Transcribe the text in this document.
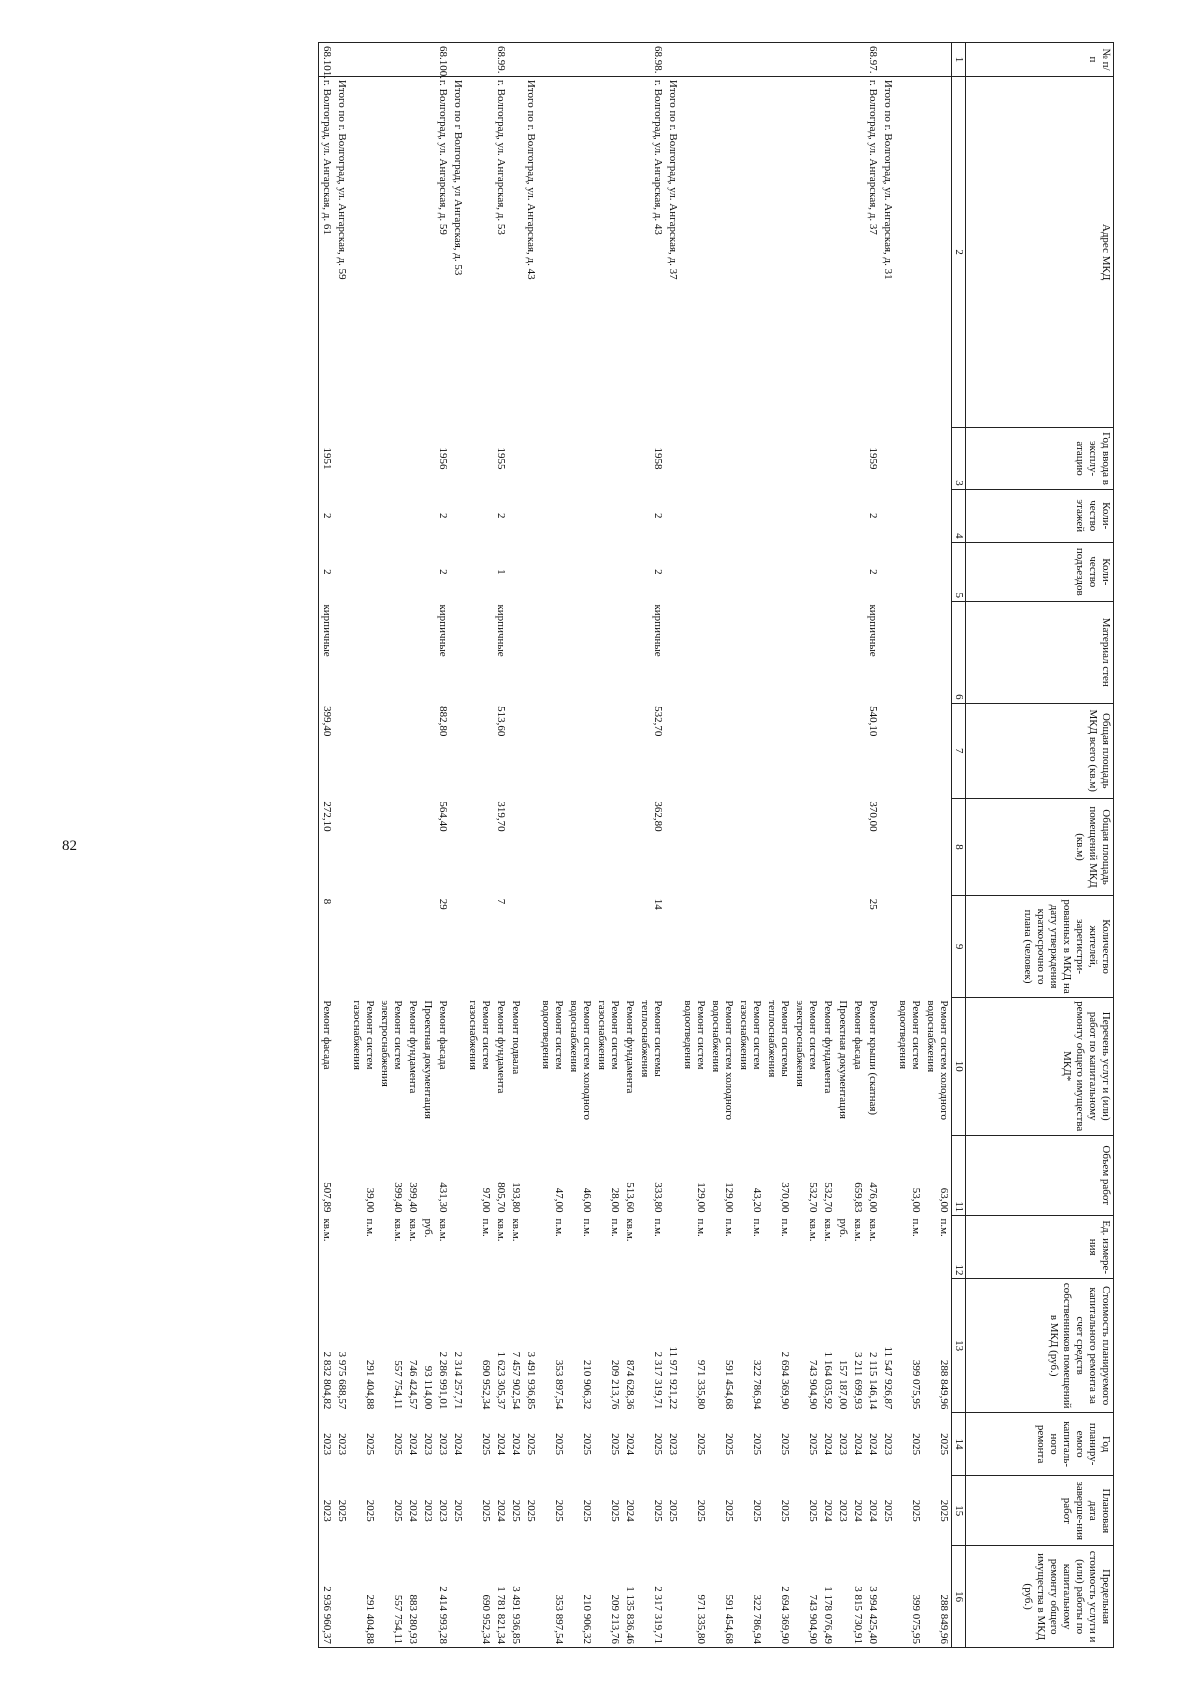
82
№ п/п	Адрес МКД	Год ввода в эксплу-атацию	Коли-чество этажей	Коли-чество подъездов	Материал стен	Общая площадь МКД всего (кв.м)	Общая площадь помещений МКД (кв.м)	Количество жителей, зарегистри-рованных в МКД на дату утверждения краткосрочно го плана (человек)	Перечень услуг и (или) работ по капитальному ремонту общего имущества МКД*	Объем работ	Ед. измере-ния	Стоимость планируемого капитального ремонта за счет средств собственников помещений в МКД (руб.)	Год планиру-емого капиталь-ного ремонта	Плановая дата заверше-ния работ	Предельная стоимость услуги и (или) работы по капитальному ремонту общего имущества в МКД (руб.)
1	2	3	4	5	6	7	8	9	10	11	12	13	14	15	16
									Ремонт систем холодного водоснабжения	63,00	п.м.	288 849,96	2025	2025	288 849,96
									Ремонт систем водоотведения	53,00	п.м.	399 075,95	2025	2025	399 075,95
	Итого по г. Волгоград, ул. Ангарская, д. 31											11 547 926,87	2023	2025	
68.97.	г. Волгоград, ул. Ангарская, д. 37	1959	2	2	кирпичные	540,10	370,00	25	Ремонт крыши (скатная)	476,00	кв.м.	2 115 146,14	2024	2024	3 994 425,40
									Ремонт фасада	659,83	кв.м.	3 211 699,93	2024	2024	3 815 730,91
									Проектная документация		руб.	157 187,00	2023	2023	
									Ремонт фундамента	532,70	кв.м.	1 164 035,92	2024	2024	1 178 076,49
									Ремонт систем электроснабжения	532,70	кв.м.	743 904,90	2025	2025	743 904,90
									Ремонт системы теплоснабжения	370,00	п.м.	2 694 369,90	2025	2025	2 694 369,90
									Ремонт систем газоснабжения	43,20	п.м.	322 786,94	2025	2025	322 786,94
									Ремонт систем холодного водоснабжения	129,00	п.м.	591 454,68	2025	2025	591 454,68
									Ремонт систем водоотведения	129,00	п.м.	971 335,80	2025	2025	971 335,80
	Итого по г. Волгоград, ул. Ангарская, д. 37											11 971 921,22	2023	2025	
68.98.	г. Волгоград, ул. Ангарская, д. 43	1958	2	2	кирпичные	532,70	362,80	14	Ремонт системы теплоснабжения	333,80	п.м.	2 317 319,71	2025	2025	2 317 319,71
									Ремонт фундамента	513,60	кв.м.	874 628,36	2024	2024	1 135 836,46
									Ремонт систем газоснабжения	28,00	п.м.	209 213,76	2025	2025	209 213,76
									Ремонт систем холодного водоснабжения	46,00	п.м.	210 906,32	2025	2025	210 906,32
									Ремонт систем водоотведения	47,00	п.м.	353 897,54	2025	2025	353 897,54
	Итого по г. Волгоград, ул. Ангарская, д. 43											3 491 936,85	2025	2025	
									Ремонт подвала	193,80	кв.м.	7 457 902,54	2024	2025	3 491 936,85
68.99.	г. Волгоград, ул. Ангарская, д. 53	1955	2	1	кирпичные	513,60	319,70	7	Ремонт фундамента	805,70	кв.м.	1 623 305,37	2024	2024	1 781 821,34
									Ремонт систем газоснабжения	97,00	п.м.	690 952,34	2025	2025	690 952,34
	Итого по г Волгоград, ул Ангарская, д. 53											2 314 257,71	2024	2025	
68.100.	г. Волгоград, ул. Ангарская, д. 59	1956	2	2	кирпичные	882,80	564,40	29	Ремонт фасада	431,30	кв.м.	2 286 991,01	2023	2023	2 414 993,28
									Проектная документация		руб.	93 114,00	2023	2023	
									Ремонт фундамента	399,40	кв.м.	746 424,57	2024	2024	883 280,93
									Ремонт систем электроснабжения	399,40	кв.м.	557 754,11	2025	2025	557 754,11
									Ремонт систем газоснабжения	39,00	п.м.	291 404,88	2025	2025	291 404,88
	Итого по г. Волгоград, ул. Ангарская, д. 59											3 975 688,57	2023	2025	
68.101.	г. Волгоград, ул. Ангарская, д. 61	1951	2	2	кирпичные	399,40	272,10	8	Ремонт фасада	507,89	кв.м.	2 832 804,82	2023	2023	2 936 960,37
